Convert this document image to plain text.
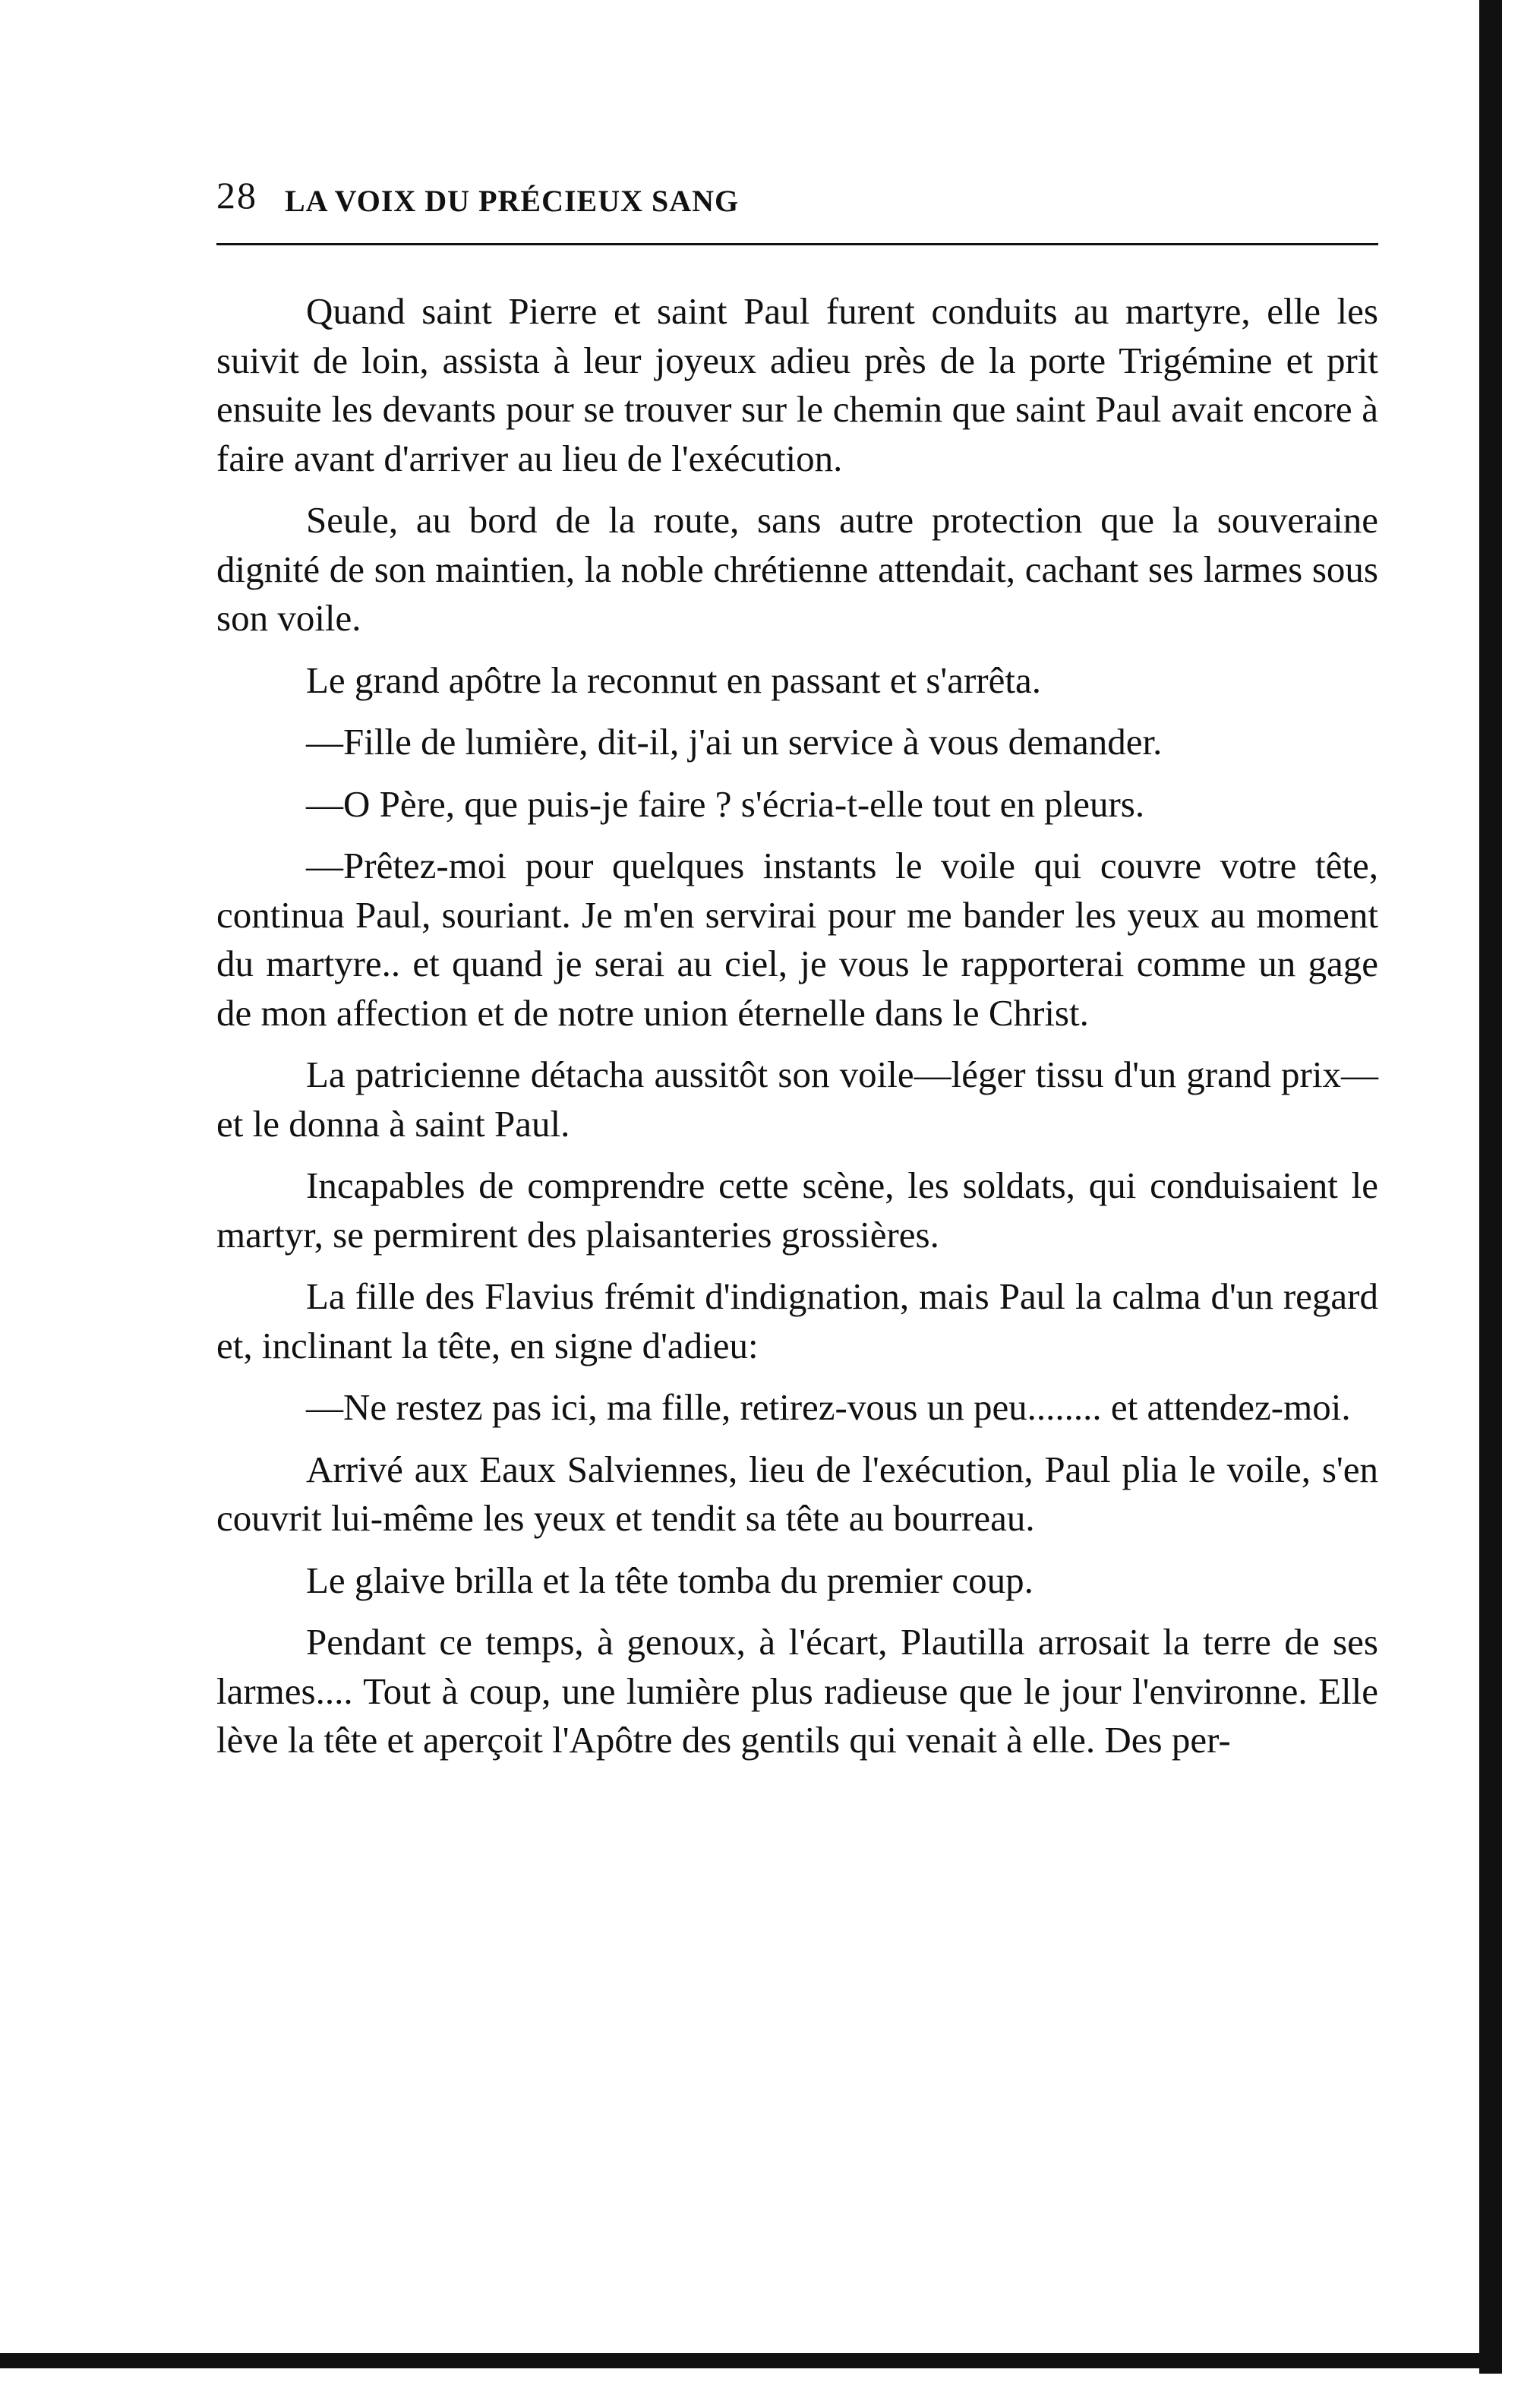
28 LA VOIX DU PRÉCIEUX SANG

Quand saint Pierre et saint Paul furent conduits au martyre, elle les suivit de loin, assista à leur joyeux adieu près de la porte Trigémine et prit ensuite les devants pour se trouver sur le chemin que saint Paul avait encore à faire avant d'arriver au lieu de l'exécution.

Seule, au bord de la route, sans autre protection que la souveraine dignité de son maintien, la noble chrétienne attendait, cachant ses larmes sous son voile.

Le grand apôtre la reconnut en passant et s'arrêta.

—Fille de lumière, dit-il, j'ai un service à vous demander.

—O Père, que puis-je faire ? s'écria-t-elle tout en pleurs.

—Prêtez-moi pour quelques instants le voile qui couvre votre tête, continua Paul, souriant. Je m'en servirai pour me bander les yeux au moment du martyre.. et quand je serai au ciel, je vous le rapporterai comme un gage de mon affection et de notre union éternelle dans le Christ.

La patricienne détacha aussitôt son voile—léger tissu d'un grand prix—et le donna à saint Paul.

Incapables de comprendre cette scène, les soldats, qui conduisaient le martyr, se permirent des plaisanteries grossières.

La fille des Flavius frémit d'indignation, mais Paul la calma d'un regard et, inclinant la tête, en signe d'adieu:

—Ne restez pas ici, ma fille, retirez-vous un peu........ et attendez-moi.

Arrivé aux Eaux Salviennes, lieu de l'exécution, Paul plia le voile, s'en couvrit lui-même les yeux et tendit sa tête au bourreau.

Le glaive brilla et la tête tomba du premier coup.

Pendant ce temps, à genoux, à l'écart, Plautilla arrosait la terre de ses larmes.... Tout à coup, une lumière plus radieuse que le jour l'environne. Elle lève la tête et aperçoit l'Apôtre des gentils qui venait à elle. Des per-
